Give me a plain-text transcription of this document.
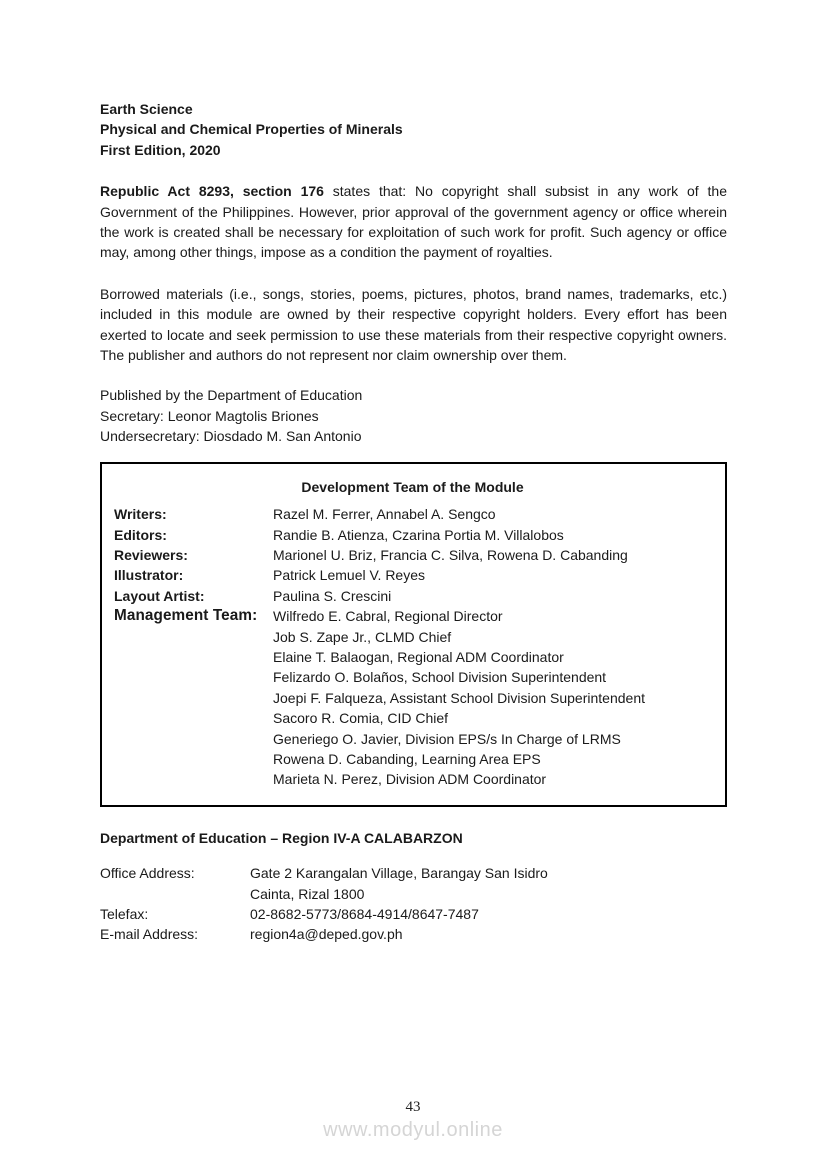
Earth Science
Physical and Chemical Properties of Minerals
First Edition, 2020

Republic Act 8293, section 176 states that: No copyright shall subsist in any work of the Government of the Philippines. However, prior approval of the government agency or office wherein the work is created shall be necessary for exploitation of such work for profit. Such agency or office may, among other things, impose as a condition the payment of royalties.

Borrowed materials (i.e., songs, stories, poems, pictures, photos, brand names, trademarks, etc.) included in this module are owned by their respective copyright holders. Every effort has been exerted to locate and seek permission to use these materials from their respective copyright owners. The publisher and authors do not represent nor claim ownership over them.

Published by the Department of Education
Secretary: Leonor Magtolis Briones
Undersecretary: Diosdado M. San Antonio
Development Team of the Module
Writers:	Razel M. Ferrer, Annabel A. Sengco
Editors:	Randie B. Atienza, Czarina Portia M. Villalobos
Reviewers:	Marionel U. Briz, Francia C. Silva, Rowena D. Cabanding
Illustrator:	Patrick Lemuel V. Reyes
Layout Artist:	Paulina S. Crescini
Management Team:	Wilfredo E. Cabral, Regional Director
Job S. Zape Jr., CLMD Chief
Elaine T. Balaogan, Regional ADM Coordinator
Felizardo O. Bolaños, School Division Superintendent
Joepi F. Falqueza, Assistant School Division Superintendent
Sacoro R. Comia, CID Chief
Generiego O. Javier, Division EPS/s In Charge of LRMS
Rowena D. Cabanding, Learning Area EPS
Marieta N. Perez, Division ADM Coordinator
Department of Education – Region IV-A CALABARZON
Office Address:	Gate 2 Karangalan Village, Barangay San Isidro
Cainta, Rizal 1800
Telefax:	02-8682-5773/8684-4914/8647-7487
E-mail Address:	region4a@deped.gov.ph
43
www.modyul.online
